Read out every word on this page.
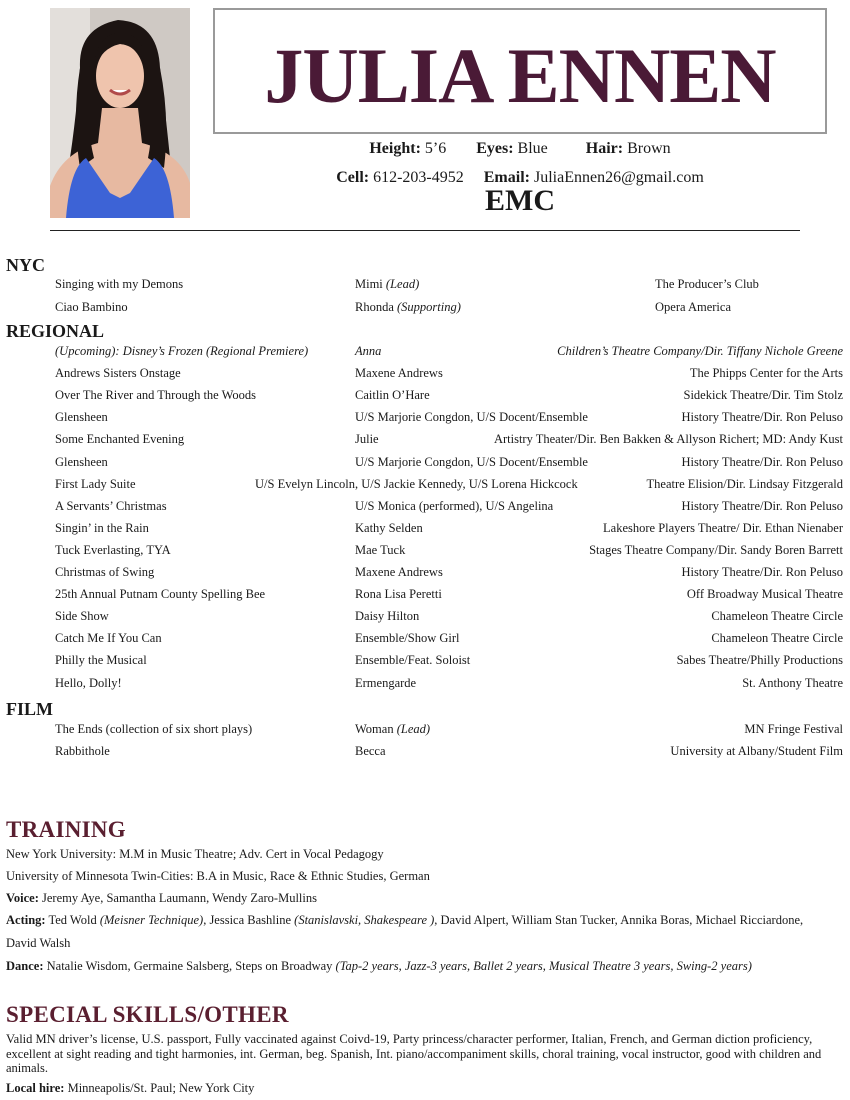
JULIA ENNEN
Height: 5’6 Eyes: Blue Hair: Brown
Cell: 612-203-4952 Email: JuliaEnnen26@gmail.com
EMC
NYC
Singing with my Demons	Mimi (Lead)	The Producer’s Club
Ciao Bambino	Rhonda (Supporting)	Opera America
REGIONAL
(Upcoming): Disney’s Frozen (Regional Premiere)	Anna	Children’s Theatre Company/Dir. Tiffany Nichole Greene
Andrews Sisters Onstage	Maxene Andrews	The Phipps Center for the Arts
Over The River and Through the Woods	Caitlin O’Hare	Sidekick Theatre/Dir. Tim Stolz
Glensheen	U/S Marjorie Congdon, U/S Docent/Ensemble	History Theatre/Dir. Ron Peluso
Some Enchanted Evening	Julie	Artistry Theater/Dir. Ben Bakken & Allyson Richert; MD: Andy Kust
Glensheen	U/S Marjorie Congdon, U/S Docent/Ensemble	History Theatre/Dir. Ron Peluso
First Lady Suite	U/S Evelyn Lincoln, U/S Jackie Kennedy, U/S Lorena Hickcock	Theatre Elision/Dir. Lindsay Fitzgerald
A Servants’ Christmas	U/S Monica (performed), U/S Angelina	History Theatre/Dir. Ron Peluso
Singin’ in the Rain	Kathy Selden	Lakeshore Players Theatre/ Dir. Ethan Nienaber
Tuck Everlasting, TYA	Mae Tuck	Stages Theatre Company/Dir. Sandy Boren Barrett
Christmas of Swing	Maxene Andrews	History Theatre/Dir. Ron Peluso
25th Annual Putnam County Spelling Bee	Rona Lisa Peretti	Off Broadway Musical Theatre
Side Show	Daisy Hilton	Chameleon Theatre Circle
Catch Me If You Can	Ensemble/Show Girl	Chameleon Theatre Circle
Philly the Musical	Ensemble/Feat. Soloist	Sabes Theatre/Philly Productions
Hello, Dolly!	Ermengarde	St. Anthony Theatre
FILM
The Ends (collection of six short plays)	Woman (Lead)	MN Fringe Festival
Rabbithole	Becca	University at Albany/Student Film
TRAINING
New York University: M.M in Music Theatre; Adv. Cert in Vocal Pedagogy
University of Minnesota Twin-Cities: B.A in Music, Race & Ethnic Studies, German
Voice: Jeremy Aye, Samantha Laumann, Wendy Zaro-Mullins
Acting: Ted Wold (Meisner Technique), Jessica Bashline (Stanislavski, Shakespeare ), David Alpert, William Stan Tucker, Annika Boras, Michael Ricciardone,
David Walsh
Dance: Natalie Wisdom, Germaine Salsberg, Steps on Broadway (Tap-2 years, Jazz-3 years, Ballet 2 years, Musical Theatre 3 years, Swing-2 years)
SPECIAL SKILLS/OTHER
Valid MN driver’s license, U.S. passport, Fully vaccinated against Coivd-19, Party princess/character performer, Italian, French, and German diction proficiency, excellent at sight reading and tight harmonies, int. German, beg. Spanish, Int. piano/accompaniment skills, choral training, vocal instructor, good with children and animals.
Local hire: Minneapolis/St. Paul; New York City
